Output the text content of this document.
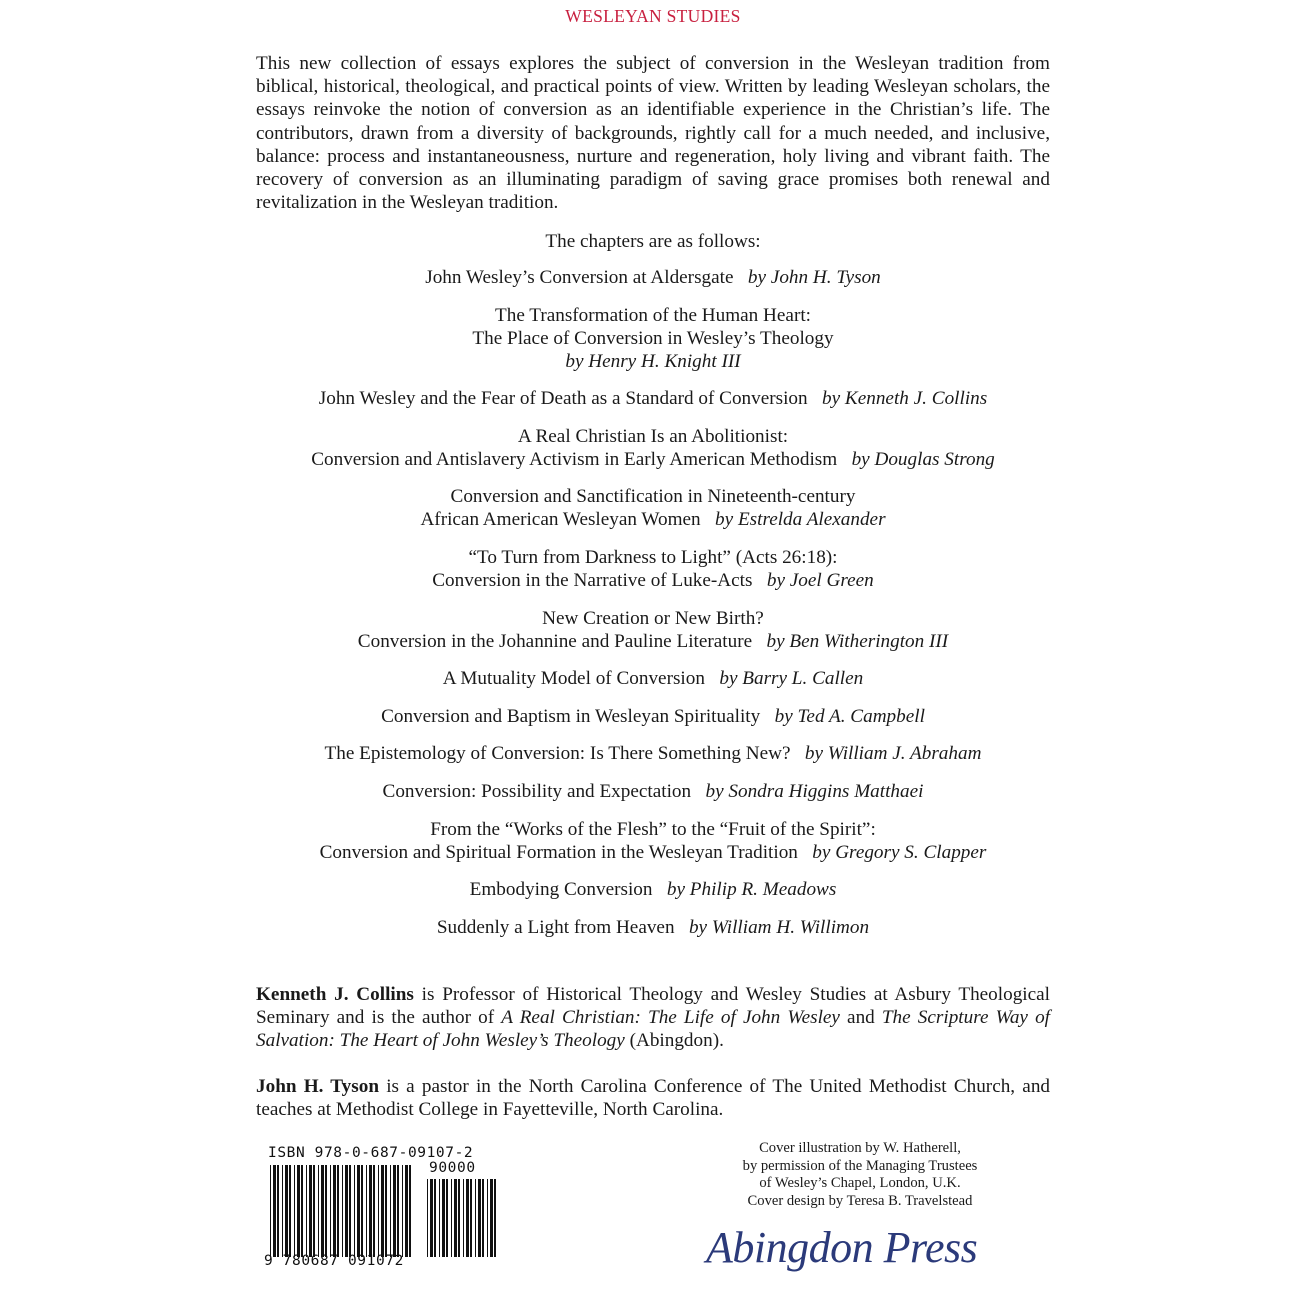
WESLEYAN STUDIES

This new collection of essays explores the subject of conversion in the Wesleyan tradition from biblical, historical, theological, and practical points of view. Written by leading Wesleyan scholars, the essays reinvoke the notion of conversion as an identifiable experience in the Christian’s life. The contributors, drawn from a diversity of backgrounds, rightly call for a much needed, and inclusive, balance: process and instantaneousness, nurture and regeneration, holy living and vibrant faith. The recovery of conversion as an illuminating paradigm of saving grace promises both renewal and revitalization in the Wesleyan tradition.

The chapters are as follows:
John Wesley’s Conversion at Aldersgate  by John H. Tyson
The Transformation of the Human Heart:
The Place of Conversion in Wesley’s Theology
by Henry H. Knight III
John Wesley and the Fear of Death as a Standard of Conversion  by Kenneth J. Collins
A Real Christian Is an Abolitionist:
Conversion and Antislavery Activism in Early American Methodism  by Douglas Strong
Conversion and Sanctification in Nineteenth-century
African American Wesleyan Women  by Estrelda Alexander
“To Turn from Darkness to Light” (Acts 26:18):
Conversion in the Narrative of Luke-Acts  by Joel Green
New Creation or New Birth?
Conversion in the Johannine and Pauline Literature  by Ben Witherington III
A Mutuality Model of Conversion  by Barry L. Callen
Conversion and Baptism in Wesleyan Spirituality  by Ted A. Campbell
The Epistemology of Conversion: Is There Something New?  by William J. Abraham
Conversion: Possibility and Expectation  by Sondra Higgins Matthaei
From the “Works of the Flesh” to the “Fruit of the Spirit”:
Conversion and Spiritual Formation in the Wesleyan Tradition  by Gregory S. Clapper
Embodying Conversion  by Philip R. Meadows
Suddenly a Light from Heaven  by William H. Willimon

Kenneth J. Collins is Professor of Historical Theology and Wesley Studies at Asbury Theological Seminary and is the author of A Real Christian: The Life of John Wesley and The Scripture Way of Salvation: The Heart of John Wesley’s Theology (Abingdon).

John H. Tyson is a pastor in the North Carolina Conference of The United Methodist Church, and teaches at Methodist College in Fayetteville, North Carolina.

ISBN 978-0-687-09107-2
90000
9 780687 091072
Cover illustration by W. Hatherell,
by permission of the Managing Trustees
of Wesley’s Chapel, London, U.K.
Cover design by Teresa B. Travelstead
Abingdon Press
